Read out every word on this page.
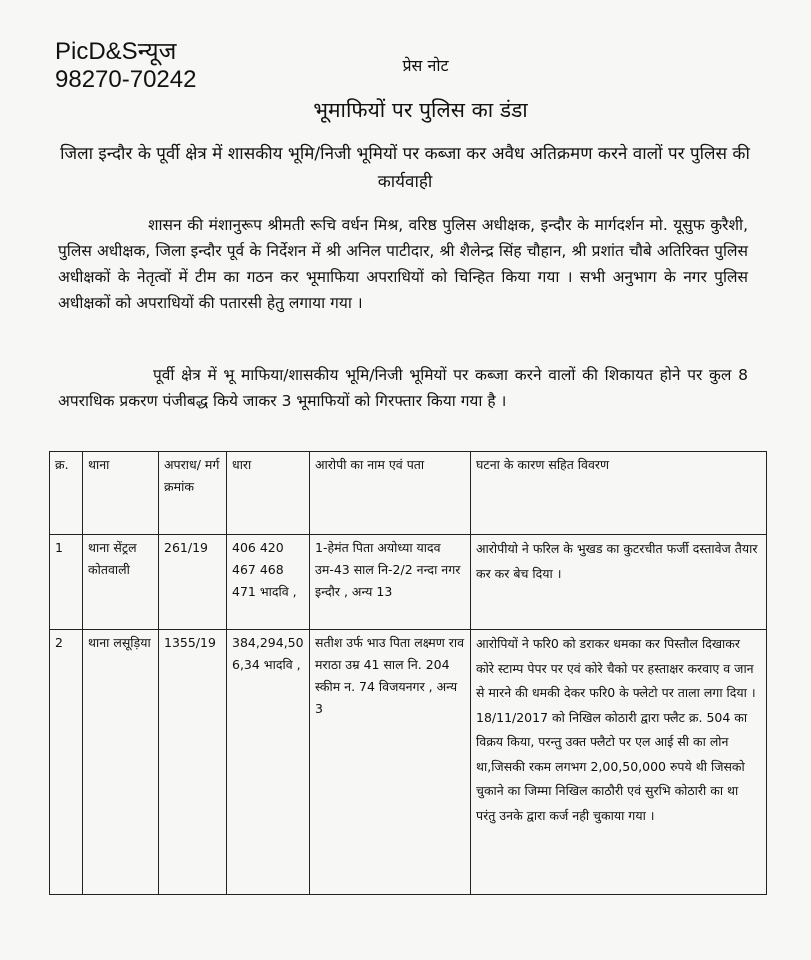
PicD&Sन्यूज
98270-70242
प्रेस नोट
भूमाफियों पर पुलिस का डंडा
जिला इन्दौर के पूर्वी क्षेत्र में शासकीय भूमि/निजी भूमियों पर कब्जा कर अवैध अतिक्रमण करने वालों पर पुलिस की कार्यवाही

शासन की मंशानुरूप श्रीमती रूचि वर्धन मिश्र, वरिष्ठ पुलिस अधीक्षक, इन्दौर के मार्गदर्शन मो. यूसुफ कुरैशी, पुलिस अधीक्षक, जिला इन्दौर पूर्व के निर्देशन में श्री अनिल पाटीदार, श्री शैलेन्द्र सिंह चौहान, श्री प्रशांत चौबे अतिरिक्त पुलिस अधीक्षकों के नेतृत्वों में टीम का गठन कर भूमाफिया अपराधियों को चिन्हित किया गया । सभी अनुभाग के नगर पुलिस अधीक्षकों को अपराधियों की पतारसी हेतु लगाया गया ।

पूर्वी क्षेत्र में भू माफिया/शासकीय भूमि/निजी भूमियों पर कब्जा करने वालों की शिकायत होने पर कुल 8 अपराधिक प्रकरण पंजीबद्ध किये जाकर 3 भूमाफियों को गिरफ्तार किया गया है ।

क्र.	थाना	अपराध/ मर्ग क्रमांक	धारा	आरोपी का नाम एवं पता	घटना के कारण सहित विवरण
1	थाना सेंट्रल कोतवाली	261/19	406 420 467 468 471 भादवि ,	1-हेमंत पिता अयोध्या यादव उम-43 साल नि-2/2 नन्दा नगर इन्दौर , अन्य 13	आरोपीयो ने फरिल के भुखड का कुटरचीत फर्जी दस्तावेज तैयार कर कर बेच दिया ।
2	थाना लसूड़िया	1355/19	384,294,506,34 भादवि ,	सतीश उर्फ भाउ पिता लक्ष्मण राव मराठा उम्र 41 साल नि. 204 स्कीम न. 74 विजयनगर , अन्य 3	आरोपियों ने फरि0 को डराकर धमका कर पिस्तौल दिखाकर कोरे स्टाम्प पेपर पर एवं कोरे चैको पर हस्ताक्षर करवाए व जान से मारने की धमकी देकर फरि0 के फ्लेटो पर ताला लगा दिया । 18/11/2017 को निखिल कोठारी द्वारा फ्लैट क्र. 504 का विक्रय किया, परन्तु उक्त फ्लैटो पर एल आई सी का लोन था,जिसकी रकम लगभग 2,00,50,000 रुपये थी जिसको चुकाने का जिम्मा निखिल काठौरी एवं सुरभि कोठारी का था परंतु उनके द्वारा कर्ज नही चुकाया गया ।
